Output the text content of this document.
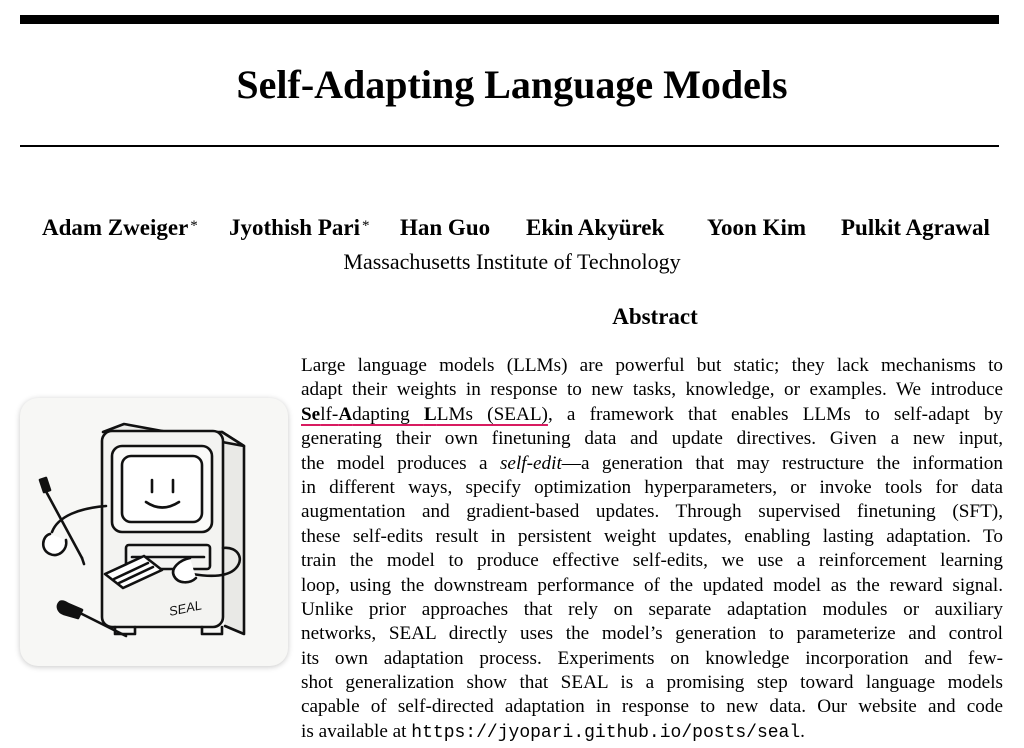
Self-Adapting Language Models
Adam Zweiger * Jyothish Pari * Han Guo Ekin Akyürek Yoon Kim Pulkit Agrawal
Massachusetts Institute of Technology
Abstract
Large language models (LLMs) are powerful but static; they lack mechanisms to
adapt their weights in response to new tasks, knowledge, or examples. We introduce
Self-Adapting LLMs (SEAL), a framework that enables LLMs to self-adapt by
generating their own finetuning data and update directives. Given a new input,
the model produces a self-edit—a generation that may restructure the information
in different ways, specify optimization hyperparameters, or invoke tools for data
augmentation and gradient-based updates. Through supervised finetuning (SFT),
these self-edits result in persistent weight updates, enabling lasting adaptation. To
train the model to produce effective self-edits, we use a reinforcement learning
loop, using the downstream performance of the updated model as the reward signal.
Unlike prior approaches that rely on separate adaptation modules or auxiliary
networks, SEAL directly uses the model’s generation to parameterize and control
its own adaptation process. Experiments on knowledge incorporation and few-
shot generalization show that SEAL is a promising step toward language models
capable of self-directed adaptation in response to new data. Our website and code
is available at https://jyopari.github.io/posts/seal.
SEAL
